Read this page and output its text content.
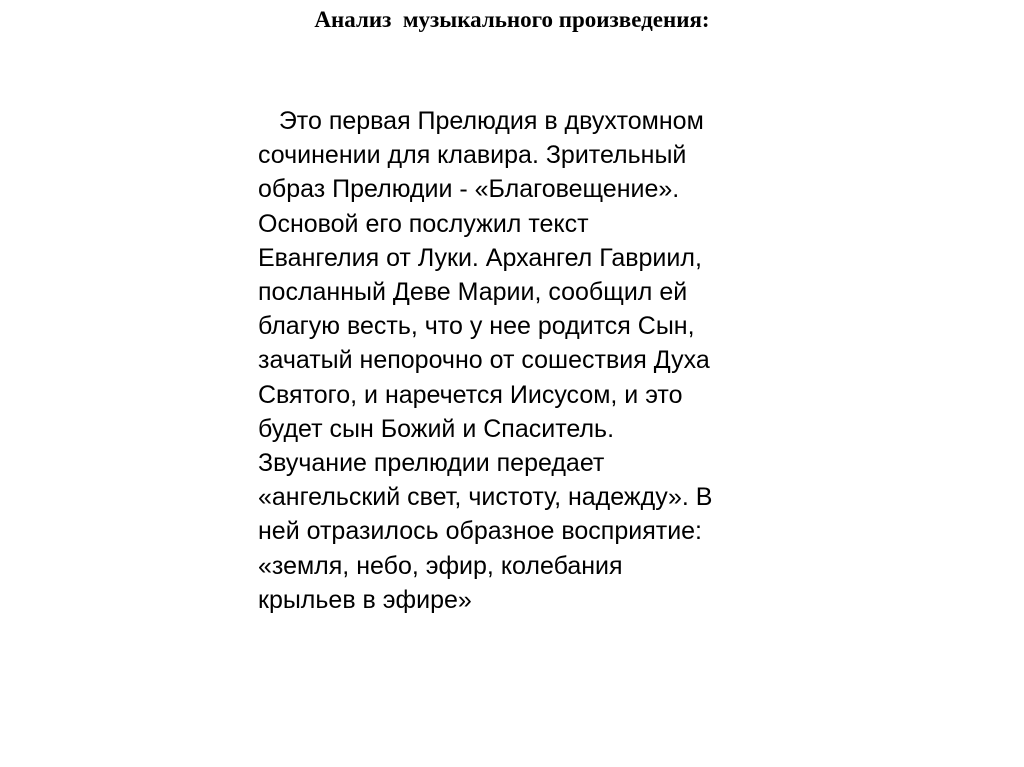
Анализ  музыкального произведения:

Это первая Прелюдия в двухтомном
сочинении для клавира. Зрительный
образ Прелюдии - «Благовещение».
Основой его послужил текст
Евангелия от Луки. Архангел Гавриил,
посланный Деве Марии, сообщил ей
благую весть, что у нее родится Сын,
зачатый непорочно от сошествия Духа
Святого, и наречется Иисусом, и это
будет сын Божий и Спаситель.
Звучание прелюдии передает
«ангельский свет, чистоту, надежду». В
ней отразилось образное восприятие:
«земля, небо, эфир, колебания
крыльев в эфире»
